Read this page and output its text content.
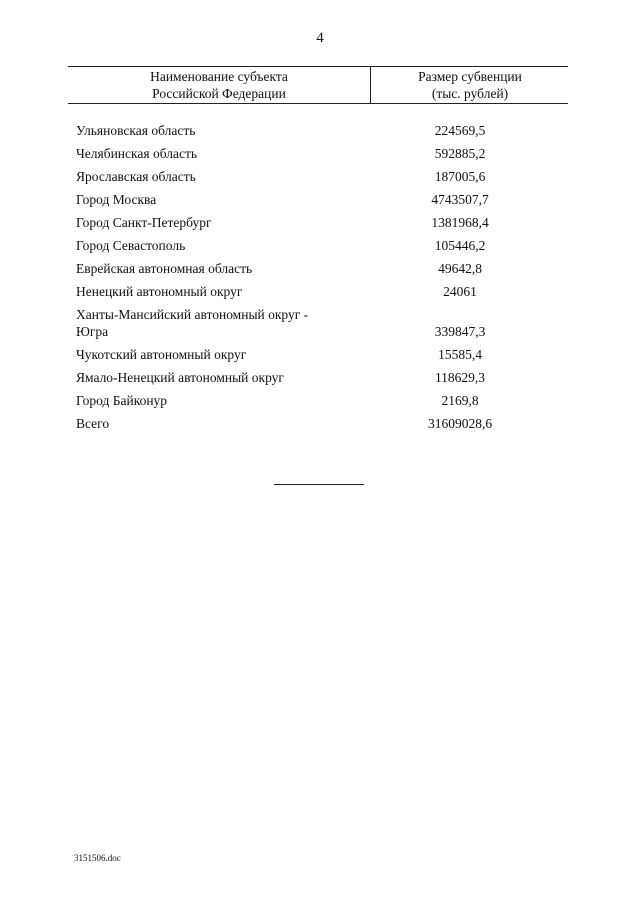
4
Наименование субъекта
Российской Федерации
Размер субвенции
(тыс. рублей)
Ульяновская область	224569,5
Челябинская область	592885,2
Ярославская область	187005,6
Город Москва	4743507,7
Город Санкт-Петербург	1381968,4
Город Севастополь	105446,2
Еврейская автономная область	49642,8
Ненецкий автономный округ	24061
Ханты-Мансийский автономный округ -
Югра	339847,3
Чукотский автономный округ	15585,4
Ямало-Ненецкий автономный округ	118629,3
Город Байконур	2169,8
Всего	31609028,6
3151506.doc
